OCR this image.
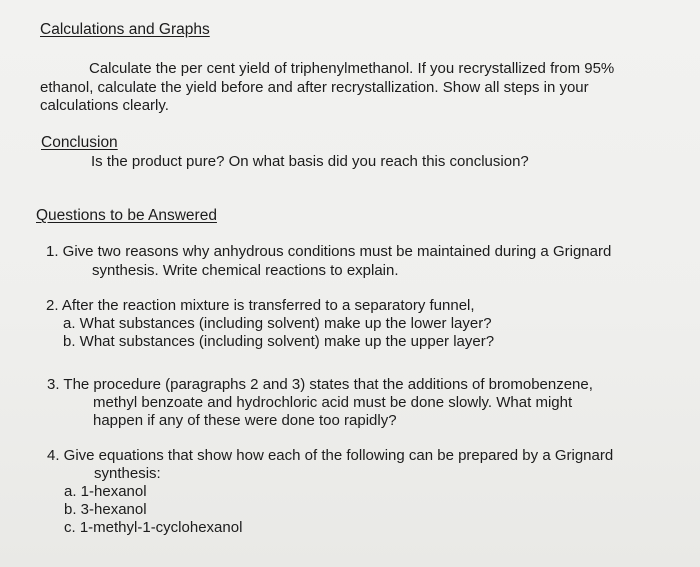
Calculations and Graphs
Calculate the per cent yield of triphenylmethanol. If you recrystallized from 95%
ethanol, calculate the yield before and after recrystallization. Show all steps in your
calculations clearly.
Conclusion
Is the product pure? On what basis did you reach this conclusion?
Questions to be Answered
1. Give two reasons why anhydrous conditions must be maintained during a Grignard
synthesis. Write chemical reactions to explain.
2. After the reaction mixture is transferred to a separatory funnel,
a. What substances (including solvent) make up the lower layer?
b. What substances (including solvent) make up the upper layer?
3. The procedure (paragraphs 2 and 3) states that the additions of bromobenzene,
methyl benzoate and hydrochloric acid must be done slowly. What might
happen if any of these were done too rapidly?
4. Give equations that show how each of the following can be prepared by a Grignard
synthesis:
a. 1-hexanol
b. 3-hexanol
c. 1-methyl-1-cyclohexanol
